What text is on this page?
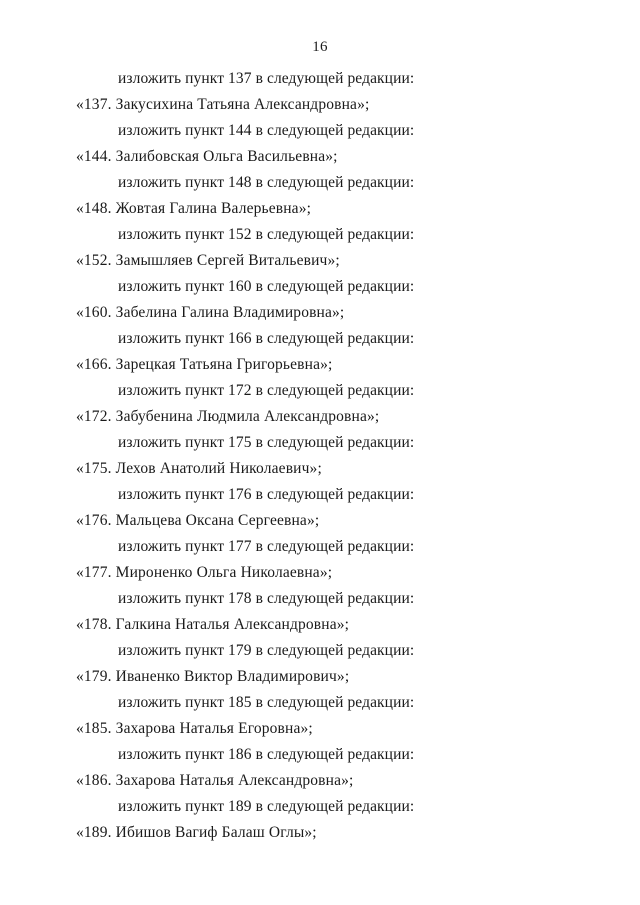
16
изложить пункт 137 в следующей редакции:
«137. Закусихина Татьяна Александровна»;
изложить пункт 144 в следующей редакции:
«144. Залибовская Ольга Васильевна»;
изложить пункт 148 в следующей редакции:
«148. Жовтая Галина Валерьевна»;
изложить пункт 152 в следующей редакции:
«152. Замышляев Сергей Витальевич»;
изложить пункт 160 в следующей редакции:
«160. Забелина Галина Владимировна»;
изложить пункт 166 в следующей редакции:
«166. Зарецкая Татьяна Григорьевна»;
изложить пункт 172 в следующей редакции:
«172. Забубенина Людмила Александровна»;
изложить пункт 175 в следующей редакции:
«175. Лехов Анатолий Николаевич»;
изложить пункт 176 в следующей редакции:
«176. Мальцева Оксана Сергеевна»;
изложить пункт 177 в следующей редакции:
«177. Мироненко Ольга Николаевна»;
изложить пункт 178 в следующей редакции:
«178. Галкина Наталья Александровна»;
изложить пункт 179 в следующей редакции:
«179. Иваненко Виктор Владимирович»;
изложить пункт 185 в следующей редакции:
«185. Захарова Наталья Егоровна»;
изложить пункт 186 в следующей редакции:
«186. Захарова Наталья Александровна»;
изложить пункт 189 в следующей редакции:
«189. Ибишов Вагиф Балаш Оглы»;
